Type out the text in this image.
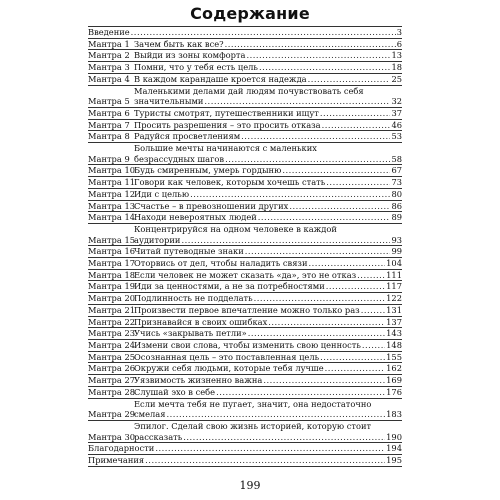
Содержание
Введение .....	3
Мантра 1 Зачем быть как все? .....	6
Мантра 2 Выйди из зоны комфорта .....	13
Мантра 3 Помни, что у тебя есть цель .....	18
Мантра 4 В каждом карандаше кроется надежда .....	25
Мантра 5
Маленькими делами дай людям почувствовать себя
значительными .....	32
Мантра 6 Туристы смотрят, путешественники ищут .....	37
Мантра 7 Просить разрешения – это просить отказа .....	46
Мантра 8 Радуйся просветлениям .....	53
Мантра 9
Большие мечты начинаются с маленьких
безрассудных шагов .....	58
Мантра 10
Будь смиренным, умерь гордыню .....	67
Мантра 11
Говори как человек, которым хочешь стать .....	73
Мантра 12
Иди с целью .....	80
Мантра 13
Счастье – в превозношении других .....	86
Мантра 14
Находи невероятных людей .....	89
Мантра 15
Концентрируйся на одном человеке в каждой
аудитории .....	93
Мантра 16
Читай путеводные знаки .....	99
Мантра 17
Оторвись от дел, чтобы наладить связи .....	104
Мантра 18
Если человек не может сказать «да», это не отказ .....	111
Мантра 19
Иди за ценностями, а не за потребностями .....	117
Мантра 20
Подлинность не подделать .....	122
Мантра 21
Произвести первое впечатление можно только раз .....	131
Мантра 22
Признавайся в своих ошибках .....	137
Мантра 23
Учись «закрывать петли» .....	143
Мантра 24
Измени свои слова, чтобы изменить свою ценность .....	148
Мантра 25
Осознанная цель – это поставленная цель .....	155
Мантра 26
Окружи себя людьми, которые тебя лучше .....	162
Мантра 27
Уязвимость жизненно важна .....	169
Мантра 28
Слушай эхо в себе .....	176
Мантра 29
Если мечта тебя не пугает, значит, она недостаточно
смелая .....	183
Мантра 30
Эпилог. Сделай свою жизнь историей, которую стоит
рассказать .....	190
Благодарности .....	194
Примечания .....	195
199
